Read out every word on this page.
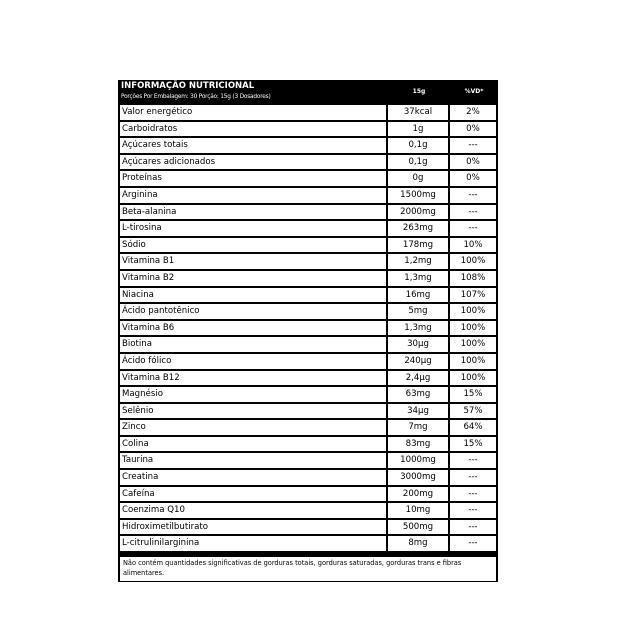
INFORMAÇÃO NUTRICIONAL
Porções Por Embalagem: 30 Porção: 15g (3 Dosadores)
15g	%VD*
Valor energético	37kcal	2%
Carboidratos	1g	0%
Açúcares totais	0,1g	---
Açúcares adicionados	0,1g	0%
Proteínas	0g	0%
Arginina	1500mg	---
Beta-alanina	2000mg	---
L-tirosina	263mg	---
Sódio	178mg	10%
Vitamina B1	1,2mg	100%
Vitamina B2	1,3mg	108%
Niacina	16mg	107%
Ácido pantotênico	5mg	100%
Vitamina B6	1,3mg	100%
Biotina	30µg	100%
Ácido fólico	240µg	100%
Vitamina B12	2,4µg	100%
Magnésio	63mg	15%
Selênio	34µg	57%
Zinco	7mg	64%
Colina	83mg	15%
Taurina	1000mg	---
Creatina	3000mg	---
Cafeína	200mg	---
Coenzima Q10	10mg	---
Hidroximetilbutirato	500mg	---
L-citrulinilarginina	8mg	---
Não contém quantidades significativas de gorduras totais, gorduras saturadas, gorduras trans e fibras alimentares.
